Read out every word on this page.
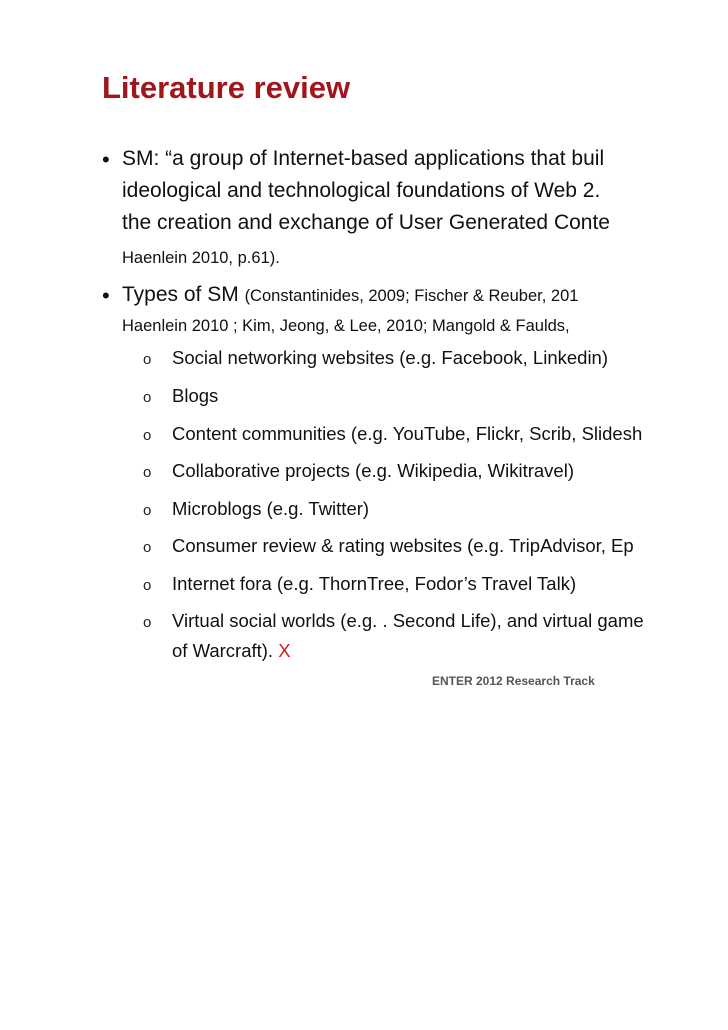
Literature review
• SM: “a group of Internet-based applications that buil
ideological and technological foundations of Web 2.
the creation and exchange of User Generated Conte
Haenlein 2010, p.61).
• Types of SM (Constantinides, 2009; Fischer & Reuber, 201
Haenlein 2010 ; Kim, Jeong, & Lee, 2010; Mangold & Faulds,
o Social networking websites (e.g. Facebook, Linkedin)
o Blogs
o Content communities (e.g. YouTube, Flickr, Scrib, Slidesh
o Collaborative projects (e.g. Wikipedia, Wikitravel)
o Microblogs (e.g. Twitter)
o Consumer review & rating websites (e.g. TripAdvisor, Ep
o Internet fora (e.g. ThornTree, Fodor’s Travel Talk)
o Virtual social worlds (e.g. . Second Life), and virtual game
of Warcraft). X
ENTER 2012 Research Track
